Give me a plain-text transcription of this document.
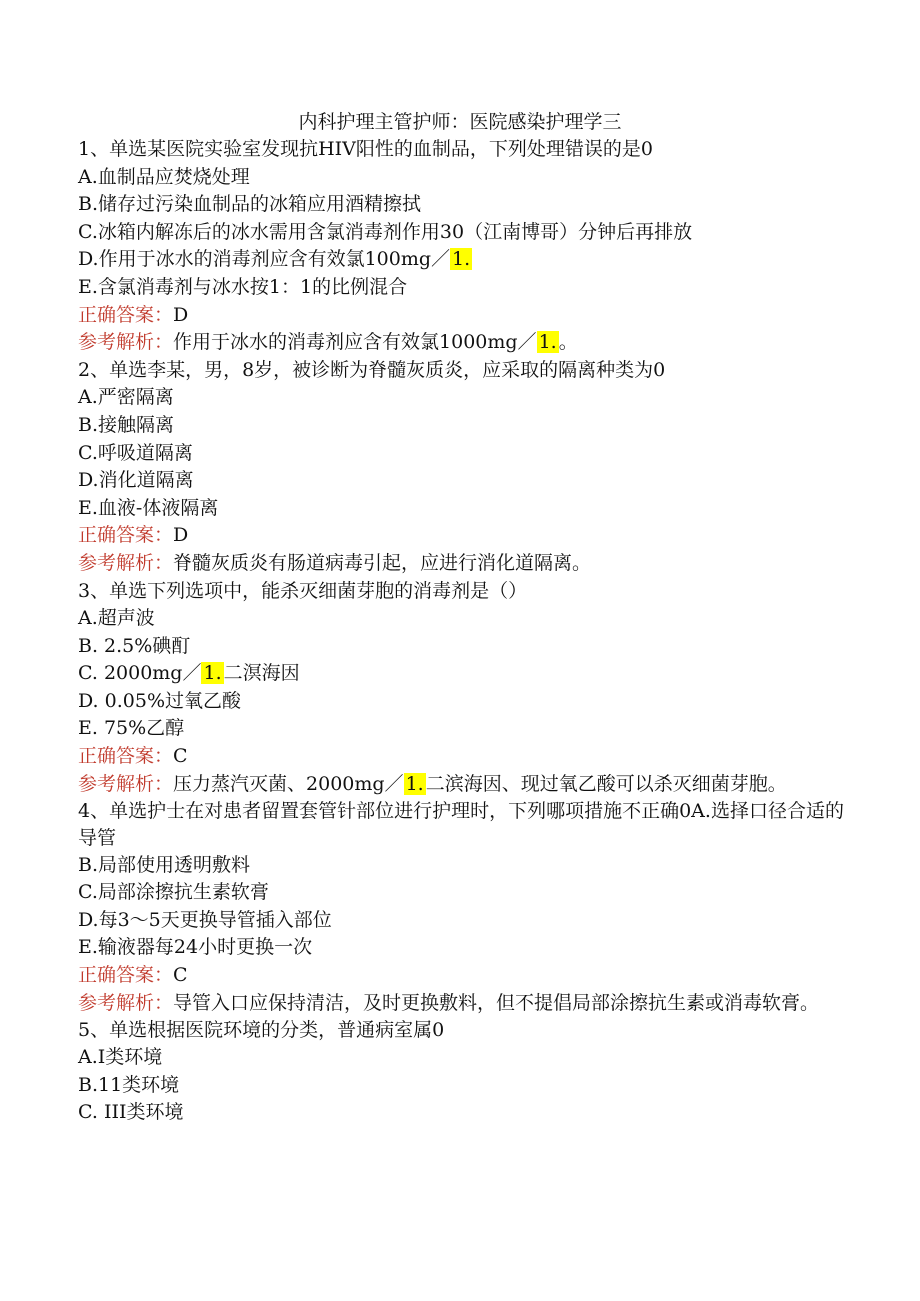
内科护理主管护师：医院感染护理学三
1、单选某医院实验室发现抗HIV阳性的血制品，下列处理错误的是0
A.血制品应焚烧处理
B.储存过污染血制品的冰箱应用酒精擦拭
C.冰箱内解冻后的冰水需用含氯消毒剂作用30（江南博哥）分钟后再排放
D.作用于冰水的消毒剂应含有效氯100mg／ 1.
E.含氯消毒剂与冰水按1：1的比例混合
正确答案：D
参考解析：作用于冰水的消毒剂应含有效氯1000mg／ 1. 。
2、单选李某，男，8岁，被诊断为脊髓灰质炎，应采取的隔离种类为0
A.严密隔离
B.接触隔离
C.呼吸道隔离
D.消化道隔离
E.血液-体液隔离
正确答案：D
参考解析：脊髓灰质炎有肠道病毒引起，应进行消化道隔离。
3、单选下列选项中，能杀灭细菌芽胞的消毒剂是（）
A.超声波
B. 2.5%碘酊
C. 2000mg／ 1. 二溟海因
D. 0.05%过氧乙酸
E. 75%乙醇
正确答案：C
参考解析：压力蒸汽灭菌、2000mg／ 1. 二滨海因、现过氧乙酸可以杀灭细菌芽胞。
4、单选护士在对患者留置套管针部位进行护理时，下列哪项措施不正确0A.选择口径合适的导管
B.局部使用透明敷料
C.局部涂擦抗生素软膏
D.每3～5天更换导管插入部位
E.输液器每24小时更换一次
正确答案：C
参考解析：导管入口应保持清洁，及时更换敷料，但不提倡局部涂擦抗生素或消毒软膏。
5、单选根据医院环境的分类，普通病室属0
A.I类环境
B.11类环境
C. III类环境
